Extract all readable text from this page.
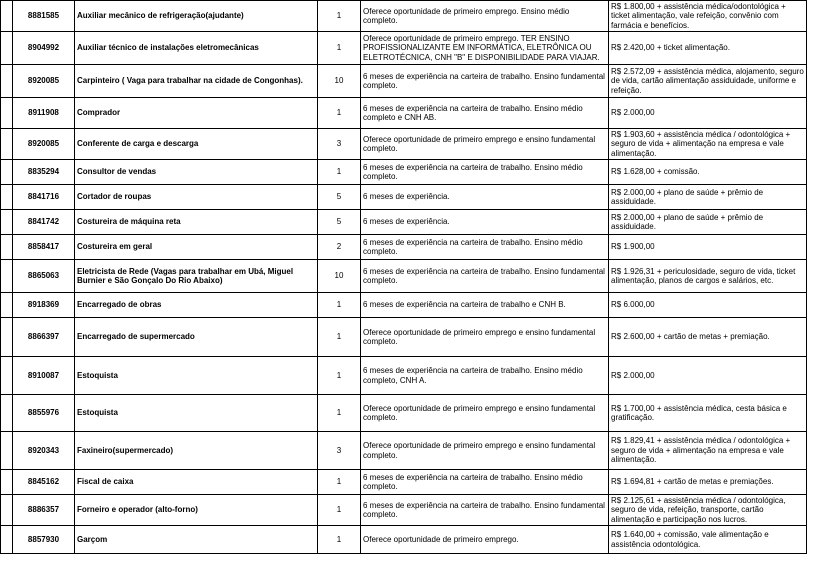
	8881585	Auxiliar mecânico de refrigeração(ajudante)	1	Oferece oportunidade de primeiro emprego. Ensino médio completo.	R$ 1.800,00 + assistência médica/odontológica + ticket alimentação, vale refeição, convênio com farmácia e benefícios.
	8904992	Auxiliar técnico de instalações eletromecânicas	1	Oferece oportunidade de primeiro emprego. TER ENSINO PROFISSIONALIZANTE EM INFORMÁTICA, ELETRÔNICA OU ELETROTÉCNICA, CNH "B" E DISPONIBILIDADE PARA VIAJAR.	R$ 2.420,00 + ticket alimentação.
	8920085	Carpinteiro ( Vaga para trabalhar na cidade de Congonhas).	10	6 meses de experiência na carteira de trabalho. Ensino fundamental completo.	R$ 2.572,09 + assistência médica, alojamento, seguro de vida, cartão alimentação assiduidade, uniforme e refeição.
	8911908	Comprador	1	6 meses de experiência na carteira de trabalho. Ensino médio completo e CNH AB.	R$ 2.000,00
	8920085	Conferente de carga e descarga	3	Oferece oportunidade de primeiro emprego e ensino fundamental completo.	R$ 1.903,60 + assistência médica / odontológica + seguro de vida + alimentação na empresa e vale alimentação.
	8835294	Consultor de vendas	1	6 meses de experiência na carteira de trabalho. Ensino médio completo.	R$ 1.628,00 + comissão.
	8841716	Cortador de roupas	5	6 meses de experiência.	R$ 2.000,00 + plano de saúde + prêmio de assiduidade.
	8841742	Costureira de máquina reta	5	6 meses de experiência.	R$ 2.000,00 + plano de saúde + prêmio de assiduidade.
	8858417	Costureira em geral	2	6 meses de experiência na carteira de trabalho. Ensino médio completo.	R$ 1.900,00
	8865063	Eletricista de Rede (Vagas para trabalhar em Ubá, Miguel Burnier e São Gonçalo Do Rio Abaixo)	10	6 meses de experiência na carteira de trabalho. Ensino fundamental completo.	R$ 1.926,31 + periculosidade, seguro de vida, ticket alimentação, planos de cargos e salários, etc.
	8918369	Encarregado de obras	1	6 meses de experiência na carteira de trabalho e CNH B.	R$ 6.000,00
	8866397	Encarregado de supermercado	1	Oferece oportunidade de primeiro emprego e ensino fundamental completo.	R$ 2.600,00 + cartão de metas + premiação.
	8910087	Estoquista	1	6 meses de experiência na carteira de trabalho. Ensino médio completo, CNH A.	R$ 2.000,00
	8855976	Estoquista	1	Oferece oportunidade de primeiro emprego e ensino fundamental completo.	R$ 1.700,00 + assistência médica, cesta básica e gratificação.
	8920343	Faxineiro(supermercado)	3	Oferece oportunidade de primeiro emprego e ensino fundamental completo.	R$ 1.829,41 + assistência médica / odontológica + seguro de vida + alimentação na empresa e vale alimentação.
	8845162	Fiscal de caixa	1	6 meses de experiência na carteira de trabalho. Ensino médio completo.	R$ 1.694,81 + cartão de metas e premiações.
	8886357	Forneiro e operador (alto-forno)	1	6 meses de experiência na carteira de trabalho. Ensino fundamental completo.	R$ 2.125,61 + assistência médica / odontológica, seguro de vida, refeição, transporte, cartão alimentação e participação nos lucros.
	8857930	Garçom	1	Oferece oportunidade de primeiro emprego.	R$ 1.640,00 + comissão, vale alimentação e assistência odontológica.
